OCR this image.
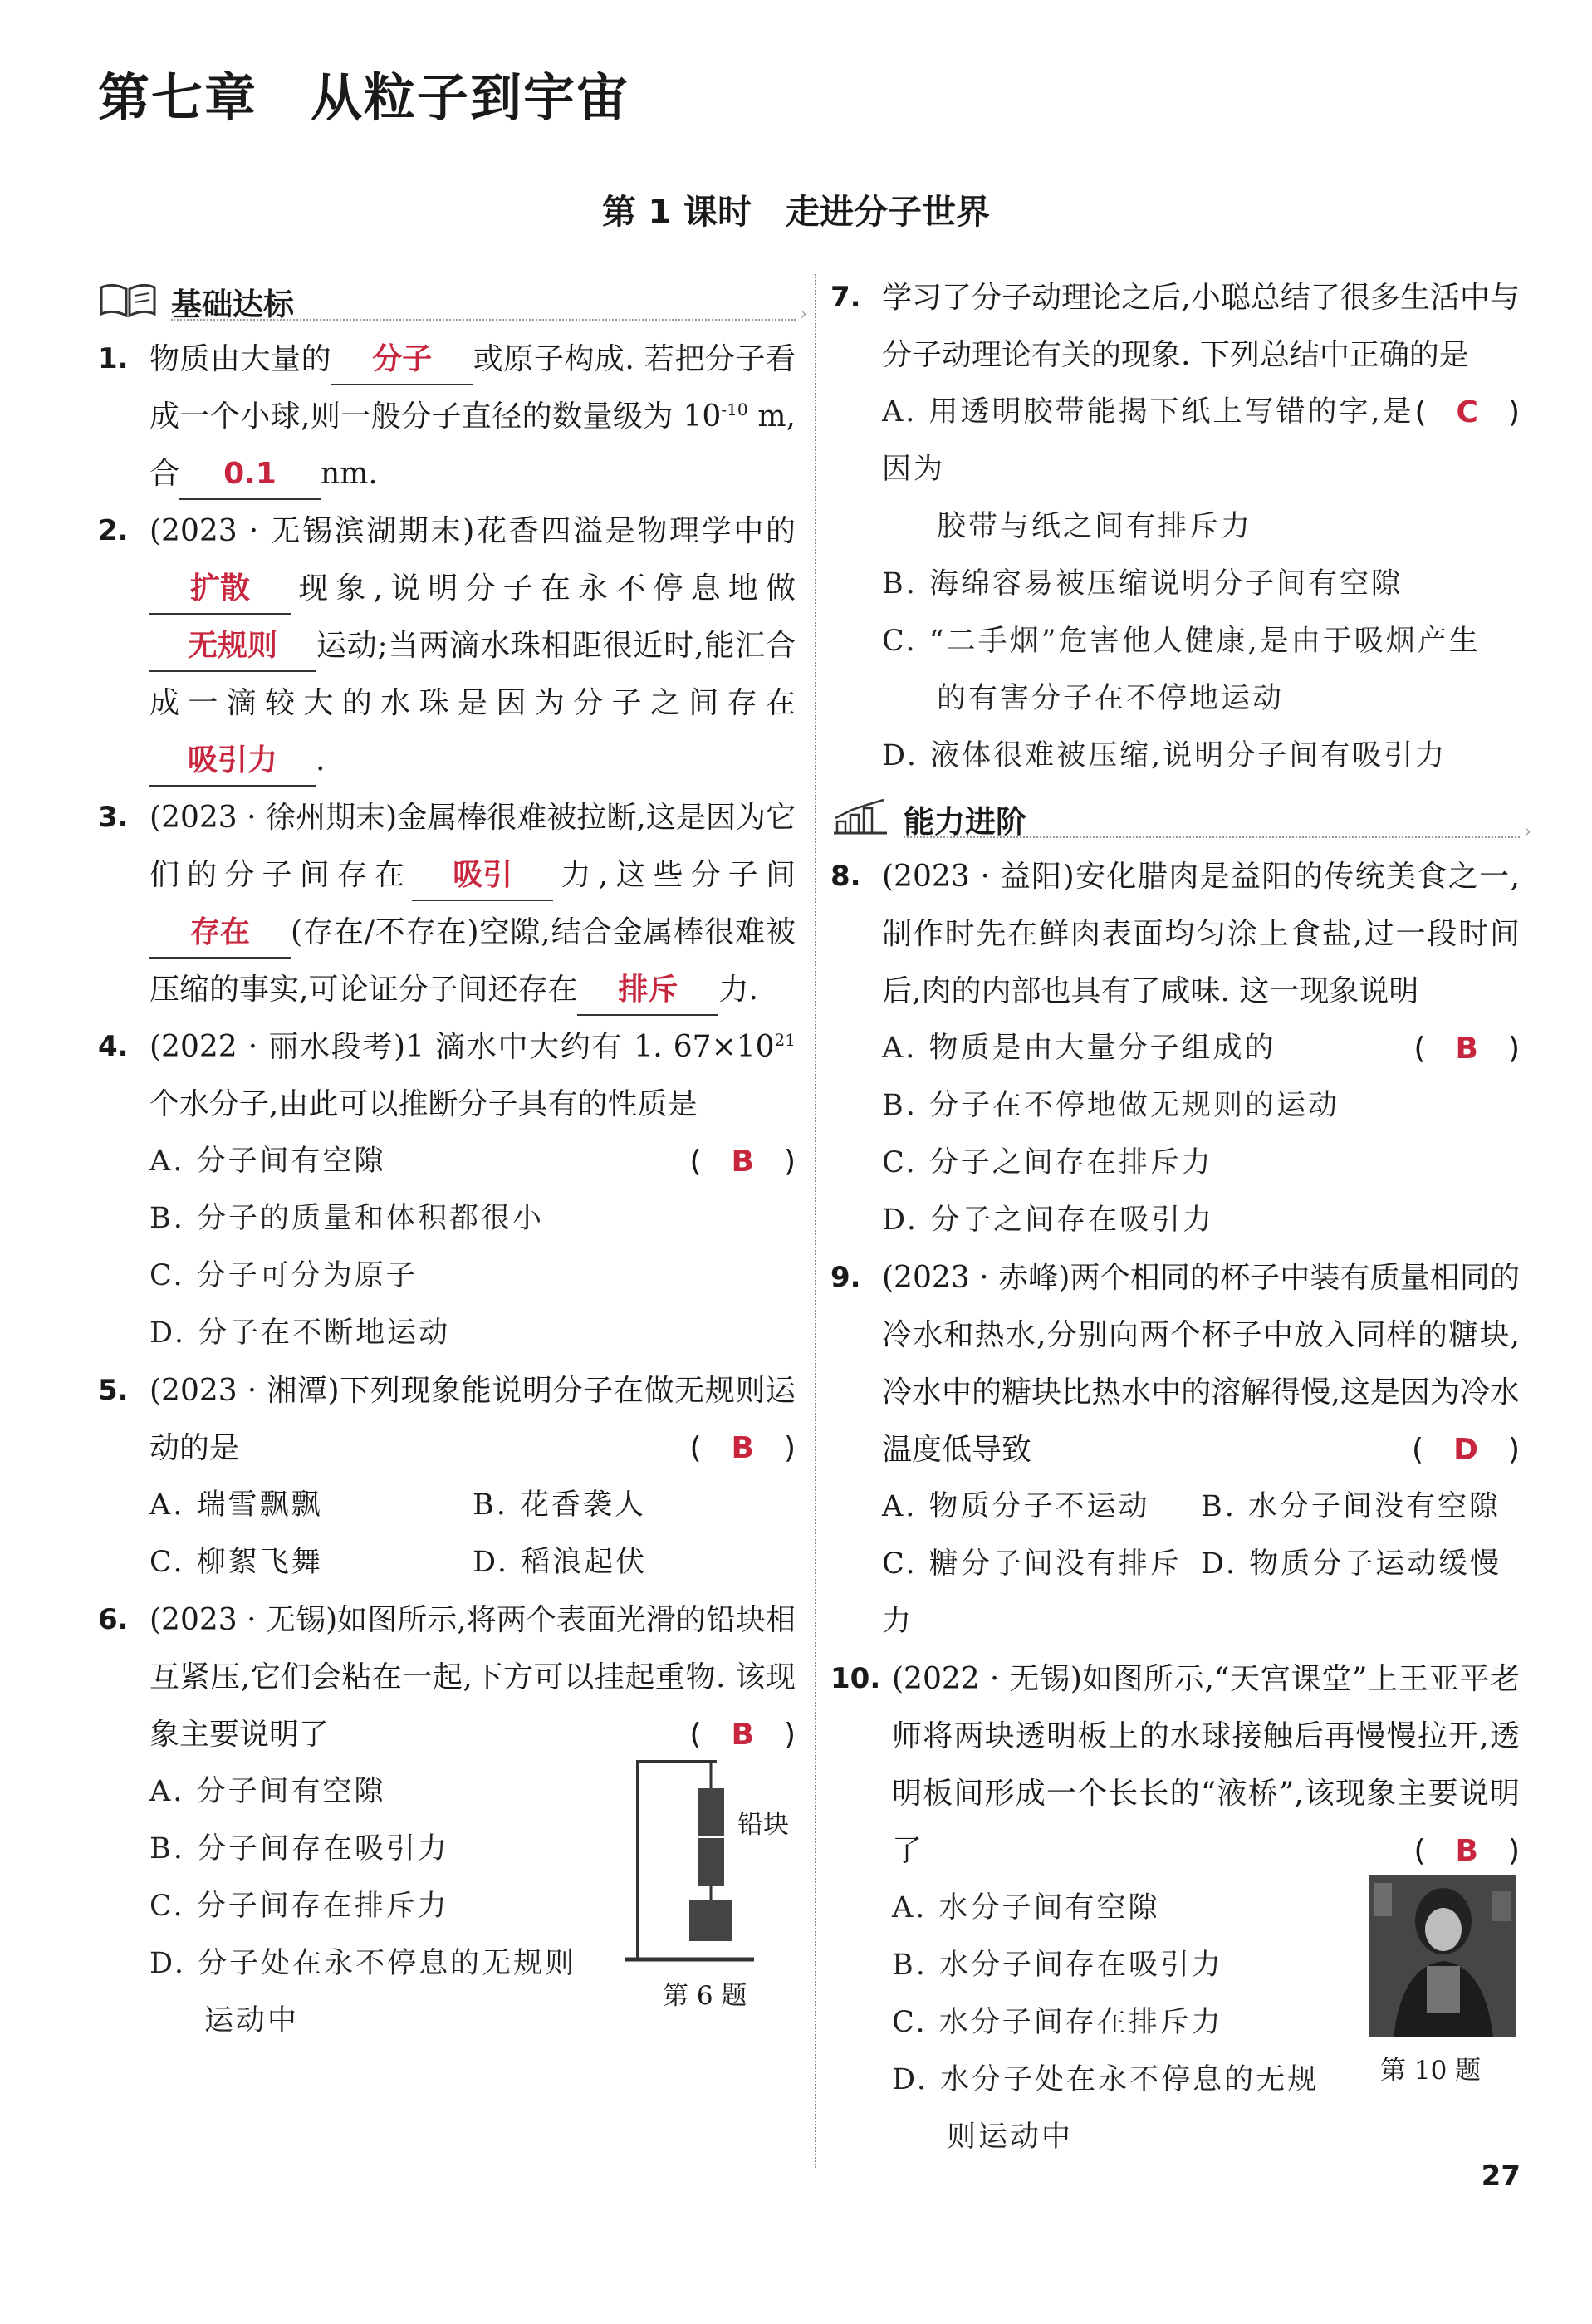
第七章　从粒子到宇宙
第 1 课时　走进分子世界
基础达标
›
1. 物质由大量的 分子 或原子构成. 若把分子看成一个小球,则一般分子直径的数量级为 $10^{-10}$ m,合 0.1 nm.
2. (2023 · 无锡滨湖期末)花香四溢是物理学中的扩散 现象,说明分子在永不停息地做无规则 运动;当两滴水珠相距很近时,能汇合成一滴较大的水珠是因为分子之间存在吸引力 .
3. (2023 · 徐州期末)金属棒很难被拉断,这是因为它们的分子间存在 吸引 力,这些分子间存在 (存在/不存在)空隙,结合金属棒很难被压缩的事实,可论证分子间还存在 排斥 力.
4. (2022 · 丽水段考)1 滴水中大约有 1. $67\times 10^{21}$ 个水分子,由此可以推断分子具有的性质是
(　B　)
A. 分子间有空隙
B. 分子的质量和体积都很小
C. 分子可分为原子
D. 分子在不断地运动
5. (2023 · 湘潭)下列现象能说明分子在做无规则运动的是	(　B　)
A. 瑞雪飘飘	B. 花香袭人
C. 柳絮飞舞	D. 稻浪起伏
6. (2023 · 无锡)如图所示,将两个表面光滑的铅块相互紧压,它们会粘在一起,下方可以挂起重物. 该现象主要说明了	(　B　)
A. 分子间有空隙
B. 分子间存在吸引力
C. 分子间存在排斥力
D. 分子处在永不停息的无规则
运动中
铅块
第 6 题
7. 学习了分子动理论之后,小聪总结了很多生活中与分子动理论有关的现象. 下列总结中正确的是
(　C　)
A. 用透明胶带能揭下纸上写错的字,是因为
胶带与纸之间有排斥力
B. 海绵容易被压缩说明分子间有空隙
C. “二手烟”危害他人健康,是由于吸烟产生
的有害分子在不停地运动
D. 液体很难被压缩,说明分子间有吸引力
能力进阶
›
8. (2023 · 益阳)安化腊肉是益阳的传统美食之一,制作时先在鲜肉表面均匀涂上食盐,过一段时间后,肉的内部也具有了咸味. 这一现象说明
(　B　)
A. 物质是由大量分子组成的
B. 分子在不停地做无规则的运动
C. 分子之间存在排斥力
D. 分子之间存在吸引力
9. (2023 · 赤峰)两个相同的杯子中装有质量相同的冷水和热水,分别向两个杯子中放入同样的糖块,冷水中的糖块比热水中的溶解得慢,这是因为冷水温度低导致	(　D　)
A. 物质分子不运动	B. 水分子间没有空隙
C. 糖分子间没有排斥力
D. 物质分子运动缓慢
10. (2022 · 无锡)如图所示,“天宫课堂”上王亚平老师将两块透明板上的水球接触后再慢慢拉开,透明板间形成一个长长的“液桥”,该现象主要说明了	(　B　)
A. 水分子间有空隙
B. 水分子间存在吸引力
C. 水分子间存在排斥力
D. 水分子处在永不停息的无规
则运动中
第 10 题
27
